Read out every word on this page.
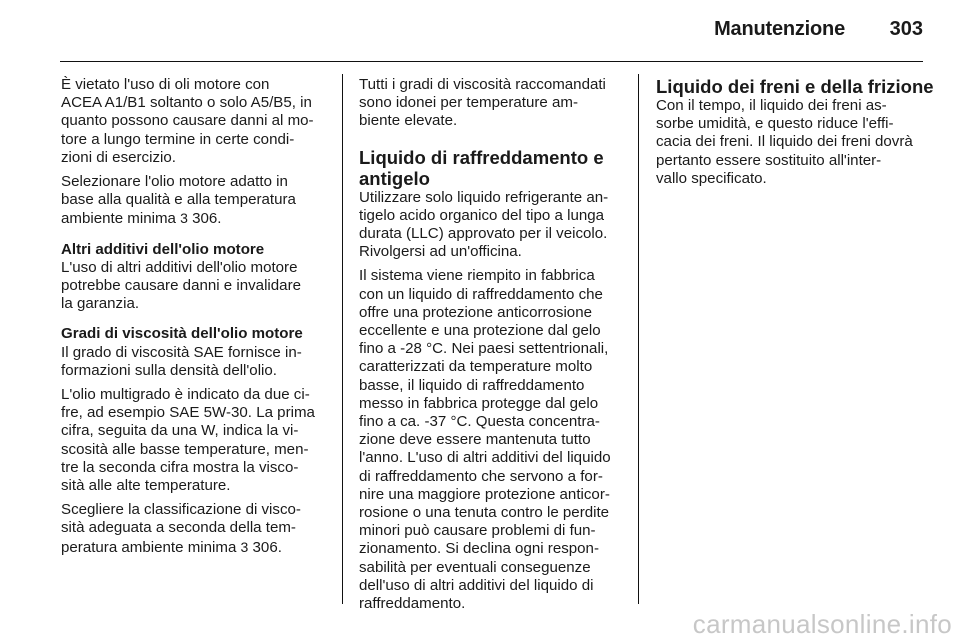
Manutenzione 303

È vietato l'uso di oli motore con
ACEA A1/B1 soltanto o solo A5/B5, in
quanto possono causare danni al mo-
tore a lungo termine in certe condi-
zioni di esercizio.

Selezionare l'olio motore adatto in
base alla qualità e alla temperatura
ambiente minima 3 306.

Altri additivi dell'olio motore

L'uso di altri additivi dell'olio motore
potrebbe causare danni e invalidare
la garanzia.

Gradi di viscosità dell'olio motore

Il grado di viscosità SAE fornisce in-
formazioni sulla densità dell'olio.

L'olio multigrado è indicato da due ci-
fre, ad esempio SAE 5W-30. La prima
cifra, seguita da una W, indica la vi-
scosità alle basse temperature, men-
tre la seconda cifra mostra la visco-
sità alle alte temperature.

Scegliere la classificazione di visco-
sità adeguata a seconda della tem-
peratura ambiente minima 3 306.

Tutti i gradi di viscosità raccomandati
sono idonei per temperature am-
biente elevate.

Liquido di raffreddamento e
antigelo

Utilizzare solo liquido refrigerante an-
tigelo acido organico del tipo a lunga
durata (LLC) approvato per il veicolo.
Rivolgersi ad un'officina.

Il sistema viene riempito in fabbrica
con un liquido di raffreddamento che
offre una protezione anticorrosione
eccellente e una protezione dal gelo
fino a -28 °C. Nei paesi settentrionali,
caratterizzati da temperature molto
basse, il liquido di raffreddamento
messo in fabbrica protegge dal gelo
fino a ca. -37 °C. Questa concentra-
zione deve essere mantenuta tutto
l'anno. L'uso di altri additivi del liquido
di raffreddamento che servono a for-
nire una maggiore protezione anticor-
rosione o una tenuta contro le perdite
minori può causare problemi di fun-
zionamento. Si declina ogni respon-
sabilità per eventuali conseguenze
dell'uso di altri additivi del liquido di
raffreddamento.

Liquido dei freni e della frizione

Con il tempo, il liquido dei freni as-
sorbe umidità, e questo riduce l'effi-
cacia dei freni. Il liquido dei freni dovrà
pertanto essere sostituito all'inter-
vallo specificato.

carmanualsonline.info
